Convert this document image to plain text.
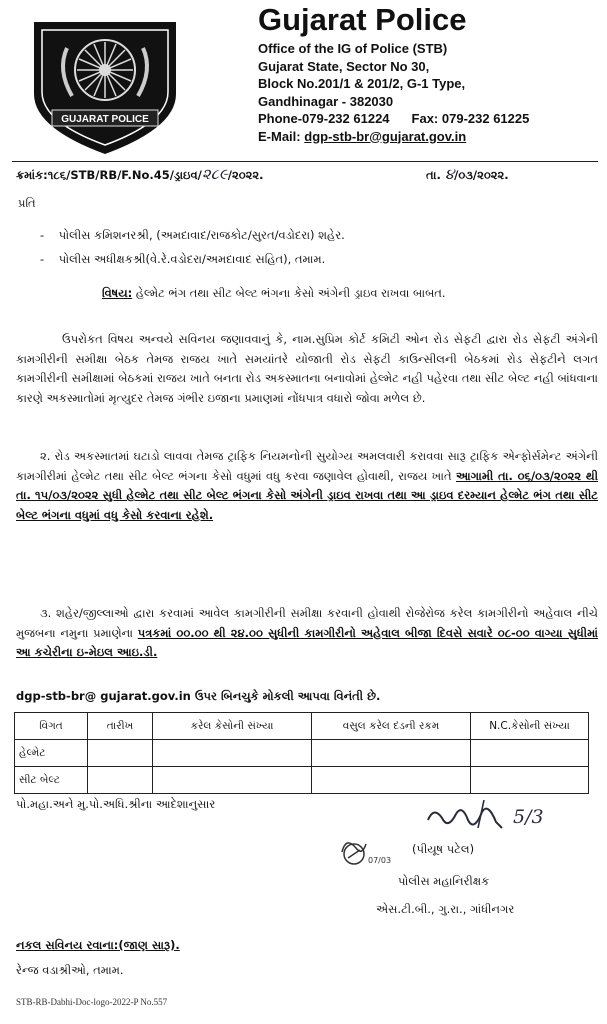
GUJARAT POLICE
Gujarat Police
Office of the IG of Police (STB)
Gujarat State, Sector No 30,
Block No.201/1 & 201/2, G-1 Type,
Gandhinagar - 382030
Phone-079-232 61224 Fax: 079-232 61225
E-Mail: dgp-stb-br@gujarat.gov.in
ક્રમાંક:૧૮૬/STB/RB/F.No.45/ડ્રાઇવ/૨૮૯/૨૦૨૨.	તા. ૪/૦૩/૨૦૨૨.
પ્રતિ
-    પોલીસ કમિશનરશ્રી, (અમદાવાદ/રાજકોટ/સુરત/વડોદરા) શહેર.
-    પોલીસ અધીક્ષકશ્રી(વે.રે.વડોદરા/અમદાવાદ સહિત), તમામ.
વિષય: હેલ્મેટ ભંગ તથા સીટ બેલ્ટ ભંગના કેસો અંગેની ડ્રાઇવ રાખવા બાબત.
ઉપરોકત વિષય અન્વયે સવિનય જણાવવાનું કે, નામ.સુપ્રિમ કોર્ટ કમિટી ઓન રોડ સેફટી દ્વારા રોડ સેફટી અંગેની કામગીરીની સમીક્ષા બેઠક તેમજ રાજય ખાતે સમયાંતરે યોજાતી રોડ સેફટી કાઉન્સીલની બેઠકમાં રોડ સેફટીને લગત કામગીરીની સમીક્ષામાં બેઠકમાં રાજય ખાતે બનતા રોડ અકસ્માતના બનાવોમાં હેલ્મેટ નહી પહેરવા તથા સીટ બેલ્ટ નહી બાંધવાના કારણે અકસ્માતોમાં મૃત્યુદર તેમજ ગંભીર ઇજાના પ્રમાણમાં નોંધપાત્ર વધારો જોવા મળેલ છે.
૨. રોડ અકસ્માતમાં ઘટાડો લાવવા તેમજ ટ્રાફિક નિયમનોની સુયોગ્ય અમલવારી કરાવવા સારૂ ટ્રાફિક એન્ફોર્સમેન્ટ અંગેની કામગીરીમાં હેલ્મેટ તથા સીટ બેલ્ટ ભંગના કેસો વધુમાં વધુ કરવા જણાવેલ હોવાથી, રાજય ખાતે આગામી તા. ૦૬/૦૩/૨૦૨૨ થી તા. ૧૫/૦૩/૨૦૨૨ સુધી હેલ્મેટ તથા સીટ બેલ્ટ ભંગના કેસો અંગેની ડ્રાઇવ રાખવા તથા આ ડ્રાઇવ દરમ્યાન હેલ્મેટ ભંગ તથા સીટ બેલ્ટ ભંગના વધુમાં વધુ કેસો કરવાના રહેશે.
૩. શહેર/જીલ્લાઓ દ્વારા કરવામાં આવેલ કામગીરીની સમીક્ષા કરવાની હોવાથી રોજેરોજ કરેલ કામગીરીનો અહેવાલ નીચે મુજબના નમુના પ્રમાણેના પત્રકમાં ૦૦.૦૦ થી ૨૪.૦૦ સુધીની કામગીરીનો અહેવાલ બીજા દિવસે સવારે ૦૮-૦૦ વાગ્યા સુધીમાં આ કચેરીના ઇ-મેઇલ આઇ.ડી.
dgp-stb-br@ gujarat.gov.in ઉપર બિનચુકે મોકલી આપવા વિનંતી છે.
વિગત	તારીખ	કરેલ કેસોની સંખ્યા	વસુલ કરેલ દંડની રકમ	N.C.કેસોની સંખ્યા
હેલ્મેટ				
સીટ બેલ્ટ				
પો.મહા.અને મુ.પો.અધિ.શ્રીના આદેશાનુસાર
5/3
07/03
(પીયૂષ પટેલ)
પોલીસ મહાનિરીક્ષક
એસ.ટી.બી., ગુ.રા., ગાંધીનગર
નકલ સવિનય રવાના:(જાણ સારૂ).
રેન્જ વડાશ્રીઓ, તમામ.
STB-RB-Dabhi-Doc-logo-2022-P No.557
